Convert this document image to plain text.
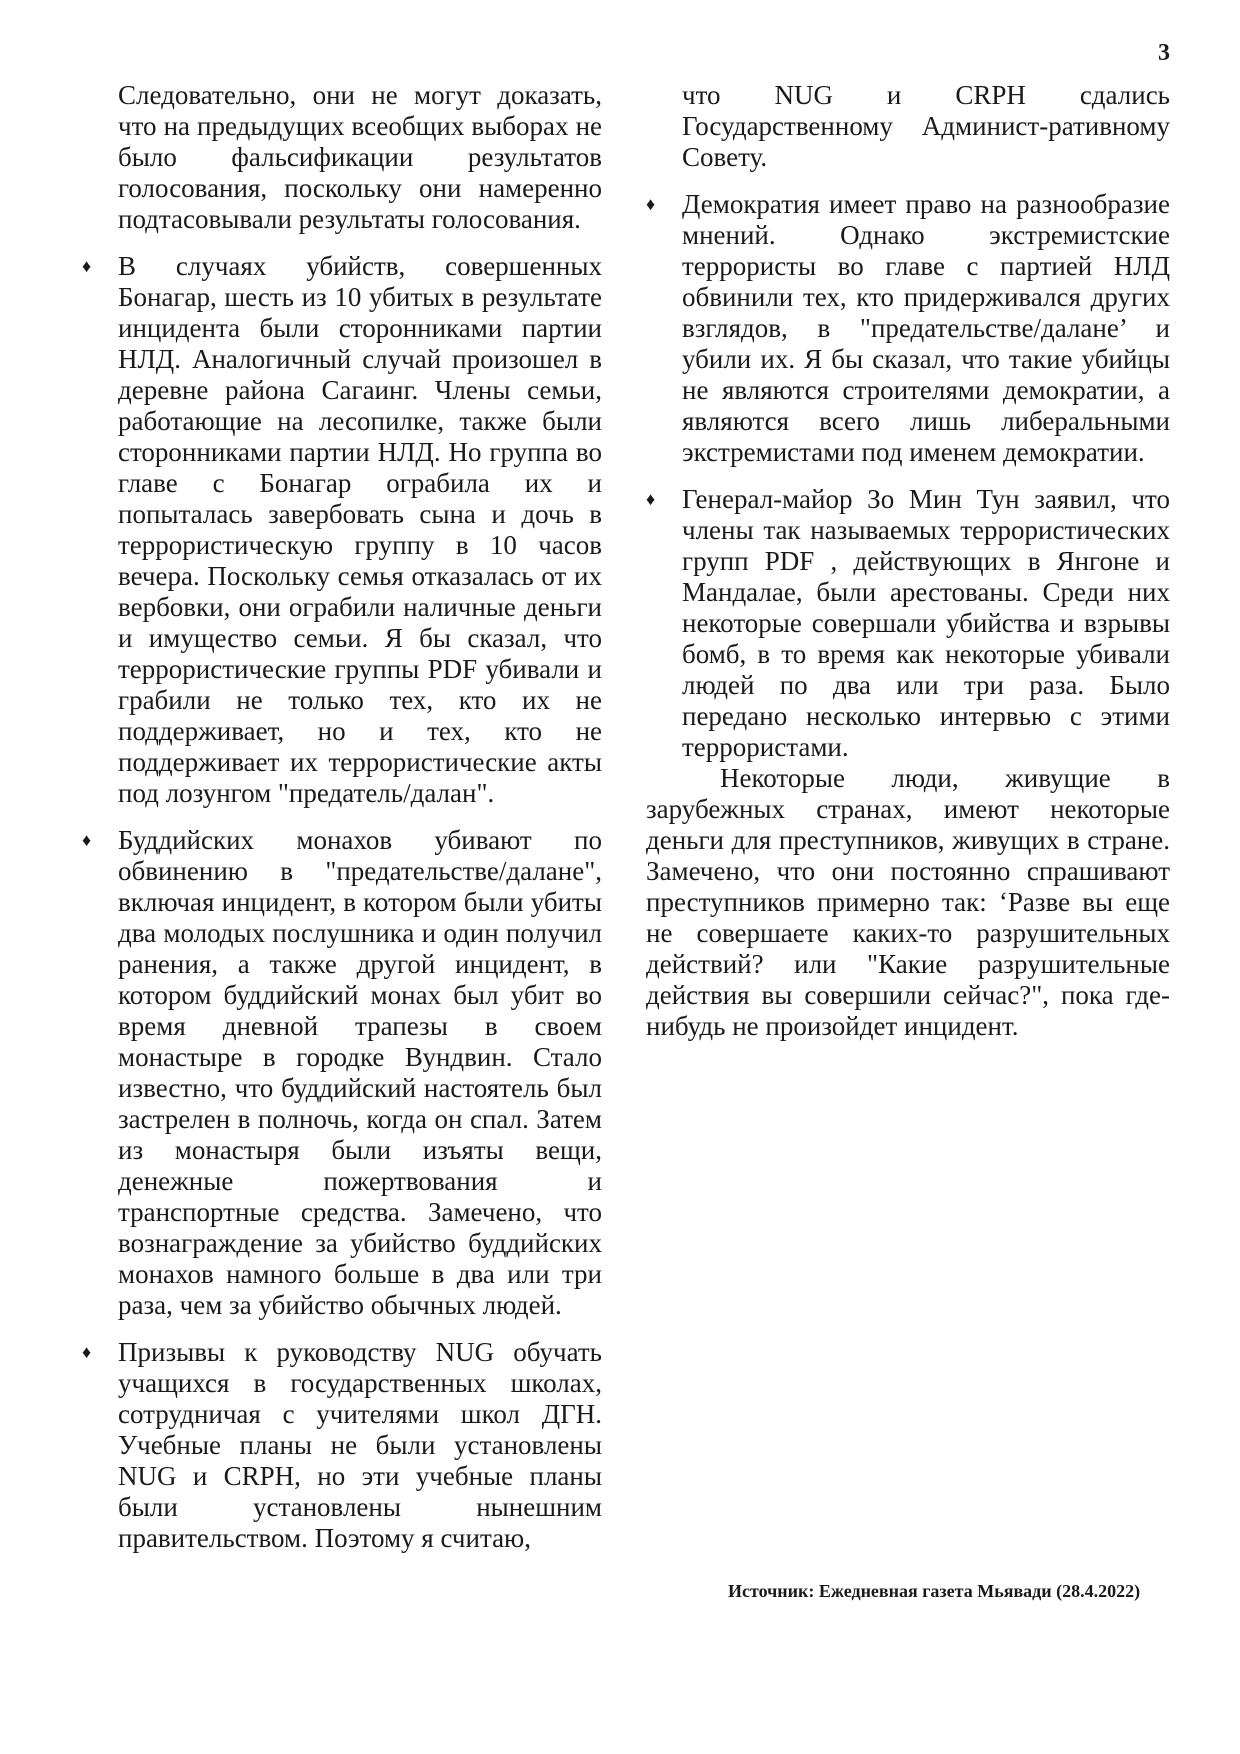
3

Следовательно, они не могут доказать, что на предыдущих всеобщих выборах не было фальсификации результатов голосования, поскольку они намеренно подтасовывали результаты голосования.

♦ В случаях убийств, совершенных Бонагар, шесть из 10 убитых в результате инцидента были сторонниками партии НЛД. Аналогичный случай произошел в деревне района Сагаинг. Члены семьи, работающие на лесопилке, также были сторонниками партии НЛД. Но группа во главе с Бонагар ограбила их и попыталась завербовать сына и дочь в террористическую группу в 10 часов вечера. Поскольку семья отказалась от их вербовки, они ограбили наличные деньги и имущество семьи. Я бы сказал, что террористические группы PDF убивали и грабили не только тех, кто их не поддерживает, но и тех, кто не поддерживает их террористические акты под лозунгом "предатель/далан".
♦ Буддийских монахов убивают по обвинению в "предательстве/далане", включая инцидент, в котором были убиты два молодых послушника и один получил ранения, а также другой инцидент, в котором буддийский монах был убит во время дневной трапезы в своем монастыре в городке Вундвин. Стало известно, что буддийский настоятель был застрелен в полночь, когда он спал. Затем из монастыря были изъяты вещи, денежные пожертвования и транспортные средства. Замечено, что вознаграждение за убийство буддийских монахов намного больше в два или три раза, чем за убийство обычных людей.
♦ Призывы к руководству NUG обучать учащихся в государственных школах, сотрудничая с учителями школ ДГН. Учебные планы не были установлены NUG и CRPH, но эти учебные планы были установлены нынешним правительством. Поэтому я считаю,

что NUG и CRPH сдались Государственному Админист-ративному Совету.

♦ Демократия имеет право на разнообразие мнений. Однако экстремистские террористы во главе с партией НЛД обвинили тех, кто придерживался других взглядов, в "предательстве/далане’ и убили их. Я бы сказал, что такие убийцы не являются строителями демократии, а являются всего лишь либеральными экстремистами под именем демократии.
♦ Генерал-майор Зо Мин Тун заявил, что члены так называемых террористических групп PDF , действующих в Янгоне и Мандалае, были арестованы. Среди них некоторые совершали убийства и взрывы бомб, в то время как некоторые убивали людей по два или три раза. Было передано несколько интервью с этими террористами.

Некоторые люди, живущие в зарубежных странах, имеют некоторые деньги для преступников, живущих в стране. Замечено, что они постоянно спрашивают преступников примерно так: ‘Разве вы еще не совершаете каких-то разрушительных действий? или "Какие разрушительные действия вы совершили сейчас?", пока где-нибудь не произойдет инцидент.

Источник: Ежедневная газета Мьявади (28.4.2022)
